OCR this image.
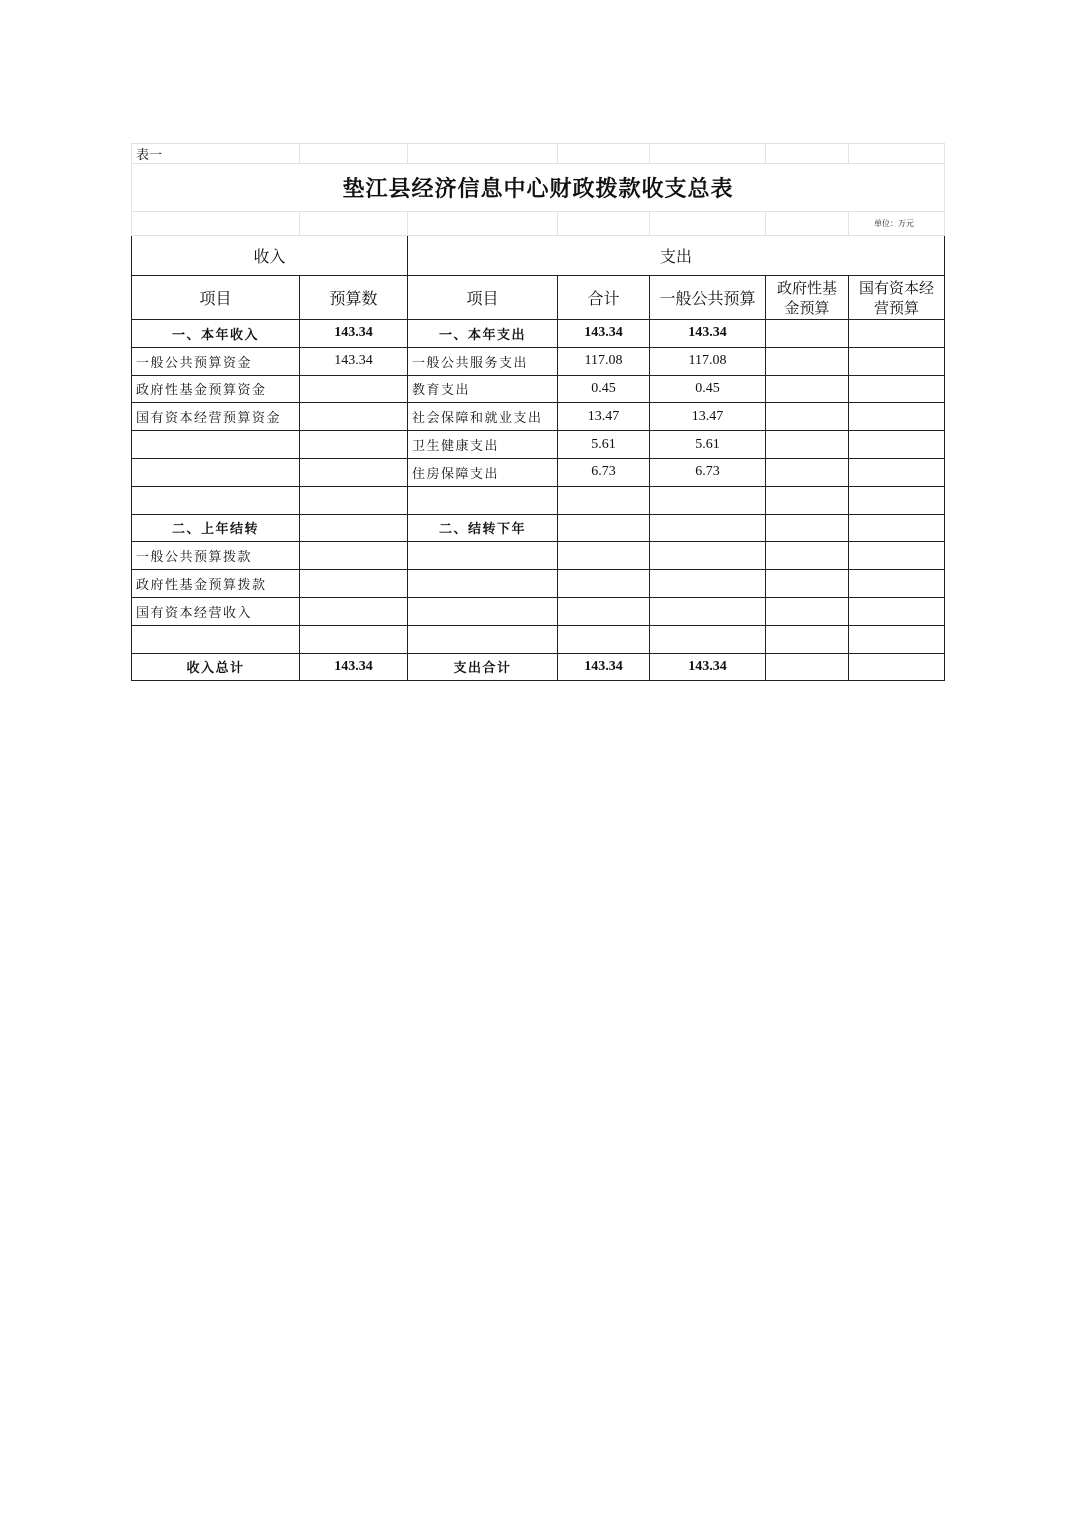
表一						
垫江县经济信息中心财政拨款收支总表						
						单位：万元
收入		支出				
项目	预算数	项目	合计	一般公共预算	政府性基金预算	国有资本经营预算
一、本年收入	143.34	一、本年支出	143.34	143.34		
一般公共预算资金	143.34	一般公共服务支出	117.08	117.08		
政府性基金预算资金		教育支出	0.45	0.45		
国有资本经营预算资金		社会保障和就业支出	13.47	13.47		
		卫生健康支出	5.61	5.61		
		住房保障支出	6.73	6.73		

二、上年结转		二、结转下年				
一般公共预算拨款						
政府性基金预算拨款						
国有资本经营收入						

收入总计	143.34	支出合计	143.34	143.34		
